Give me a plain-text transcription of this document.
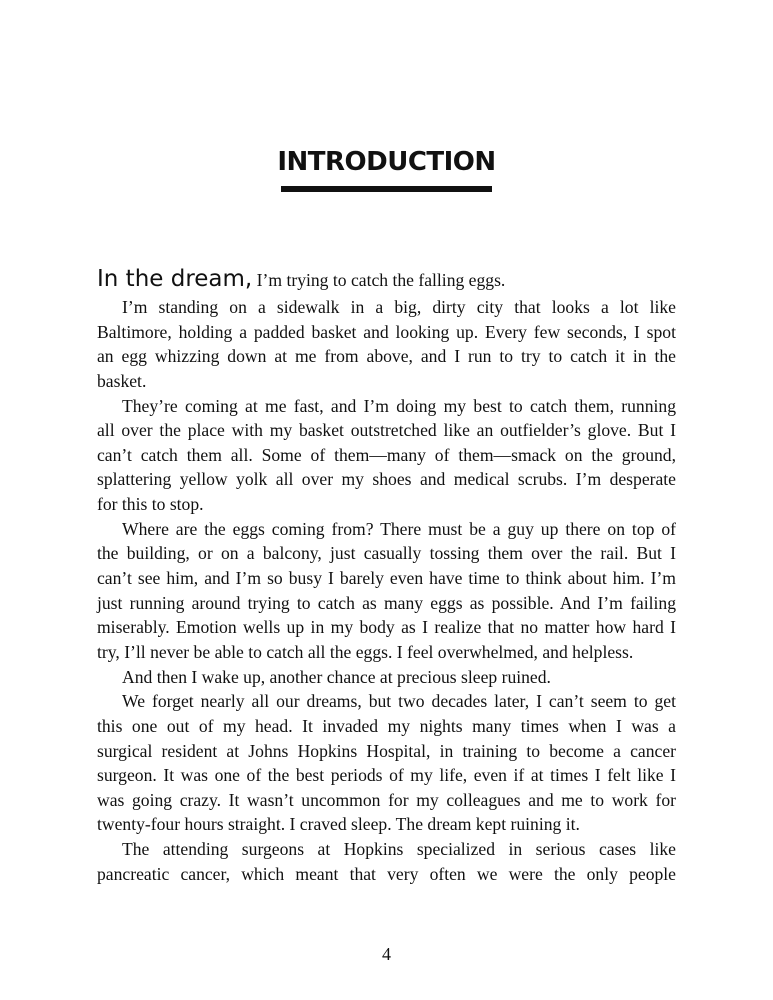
INTRODUCTION
In the dream, I’m trying to catch the falling eggs.
I’m standing on a sidewalk in a big, dirty city that looks a lot like
Baltimore, holding a padded basket and looking up. Every few seconds, I spot
an egg whizzing down at me from above, and I run to try to catch it in the
basket.
They’re coming at me fast, and I’m doing my best to catch them, running
all over the place with my basket outstretched like an outfielder’s glove. But I
can’t catch them all. Some of them—many of them—smack on the ground,
splattering yellow yolk all over my shoes and medical scrubs. I’m desperate
for this to stop.
Where are the eggs coming from? There must be a guy up there on top of
the building, or on a balcony, just casually tossing them over the rail. But I
can’t see him, and I’m so busy I barely even have time to think about him. I’m
just running around trying to catch as many eggs as possible. And I’m failing
miserably. Emotion wells up in my body as I realize that no matter how hard I
try, I’ll never be able to catch all the eggs. I feel overwhelmed, and helpless.
And then I wake up, another chance at precious sleep ruined.
We forget nearly all our dreams, but two decades later, I can’t seem to get
this one out of my head. It invaded my nights many times when I was a
surgical resident at Johns Hopkins Hospital, in training to become a cancer
surgeon. It was one of the best periods of my life, even if at times I felt like I
was going crazy. It wasn’t uncommon for my colleagues and me to work for
twenty-four hours straight. I craved sleep. The dream kept ruining it.
The attending surgeons at Hopkins specialized in serious cases like
pancreatic cancer, which meant that very often we were the only people
4
